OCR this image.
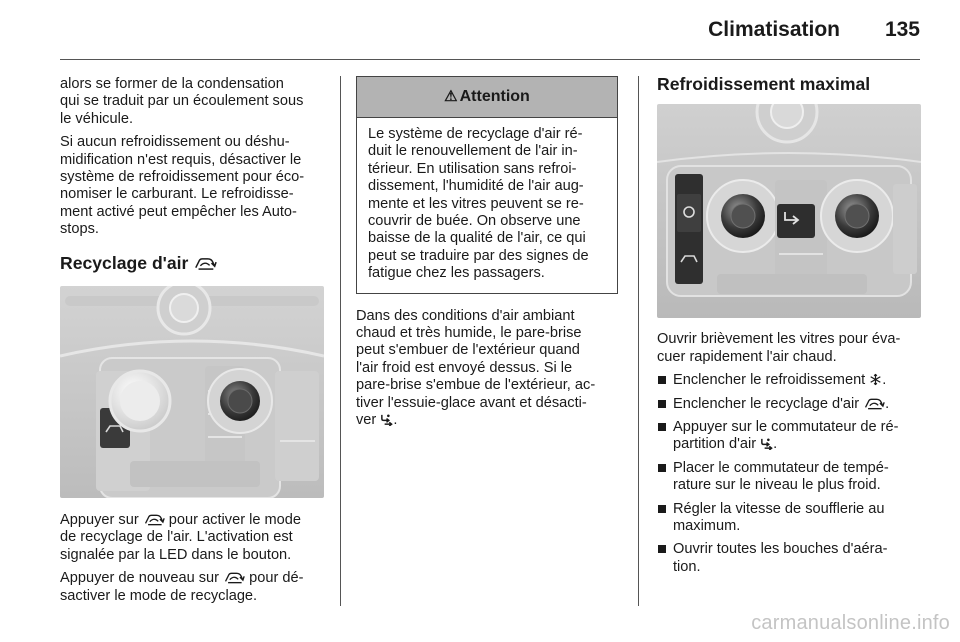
Climatisation	135

alors se former de la condensation
qui se traduit par un écoulement sous
le véhicule.

Si aucun refroidissement ou déshu-
midification n'est requis, désactiver le
système de refroidissement pour éco-
nomiser le carburant. Le refroidisse-
ment activé peut empêcher les Auto-
stops.

Recyclage d'air

Appuyer sur  pour activer le mode
de recyclage de l'air. L'activation est
signalée par la LED dans le bouton.

Appuyer de nouveau sur  pour dé-
sactiver le mode de recyclage.

⚠ Attention
Le système de recyclage d'air ré-
duit le renouvellement de l'air in-
térieur. En utilisation sans refroi-
dissement, l'humidité de l'air aug-
mente et les vitres peuvent se re-
couvrir de buée. On observe une
baisse de la qualité de l'air, ce qui
peut se traduire par des signes de
fatigue chez les passagers.

Dans des conditions d'air ambiant
chaud et très humide, le pare-brise
peut s'embuer de l'extérieur quand
l'air froid est envoyé dessus. Si le
pare-brise s'embue de l'extérieur, ac-
tiver l'essuie-glace avant et désacti-
ver .

Refroidissement maximal

Ouvrir brièvement les vitres pour éva-
cuer rapidement l'air chaud.

Enclencher le refroidissement .
Enclencher le recyclage d'air .
Appuyer sur le commutateur de ré-
partition d'air .
Placer le commutateur de tempé-
rature sur le niveau le plus froid.
Régler la vitesse de soufflerie au
maximum.
Ouvrir toutes les bouches d'aéra-
tion.
carmanualsonline.info
